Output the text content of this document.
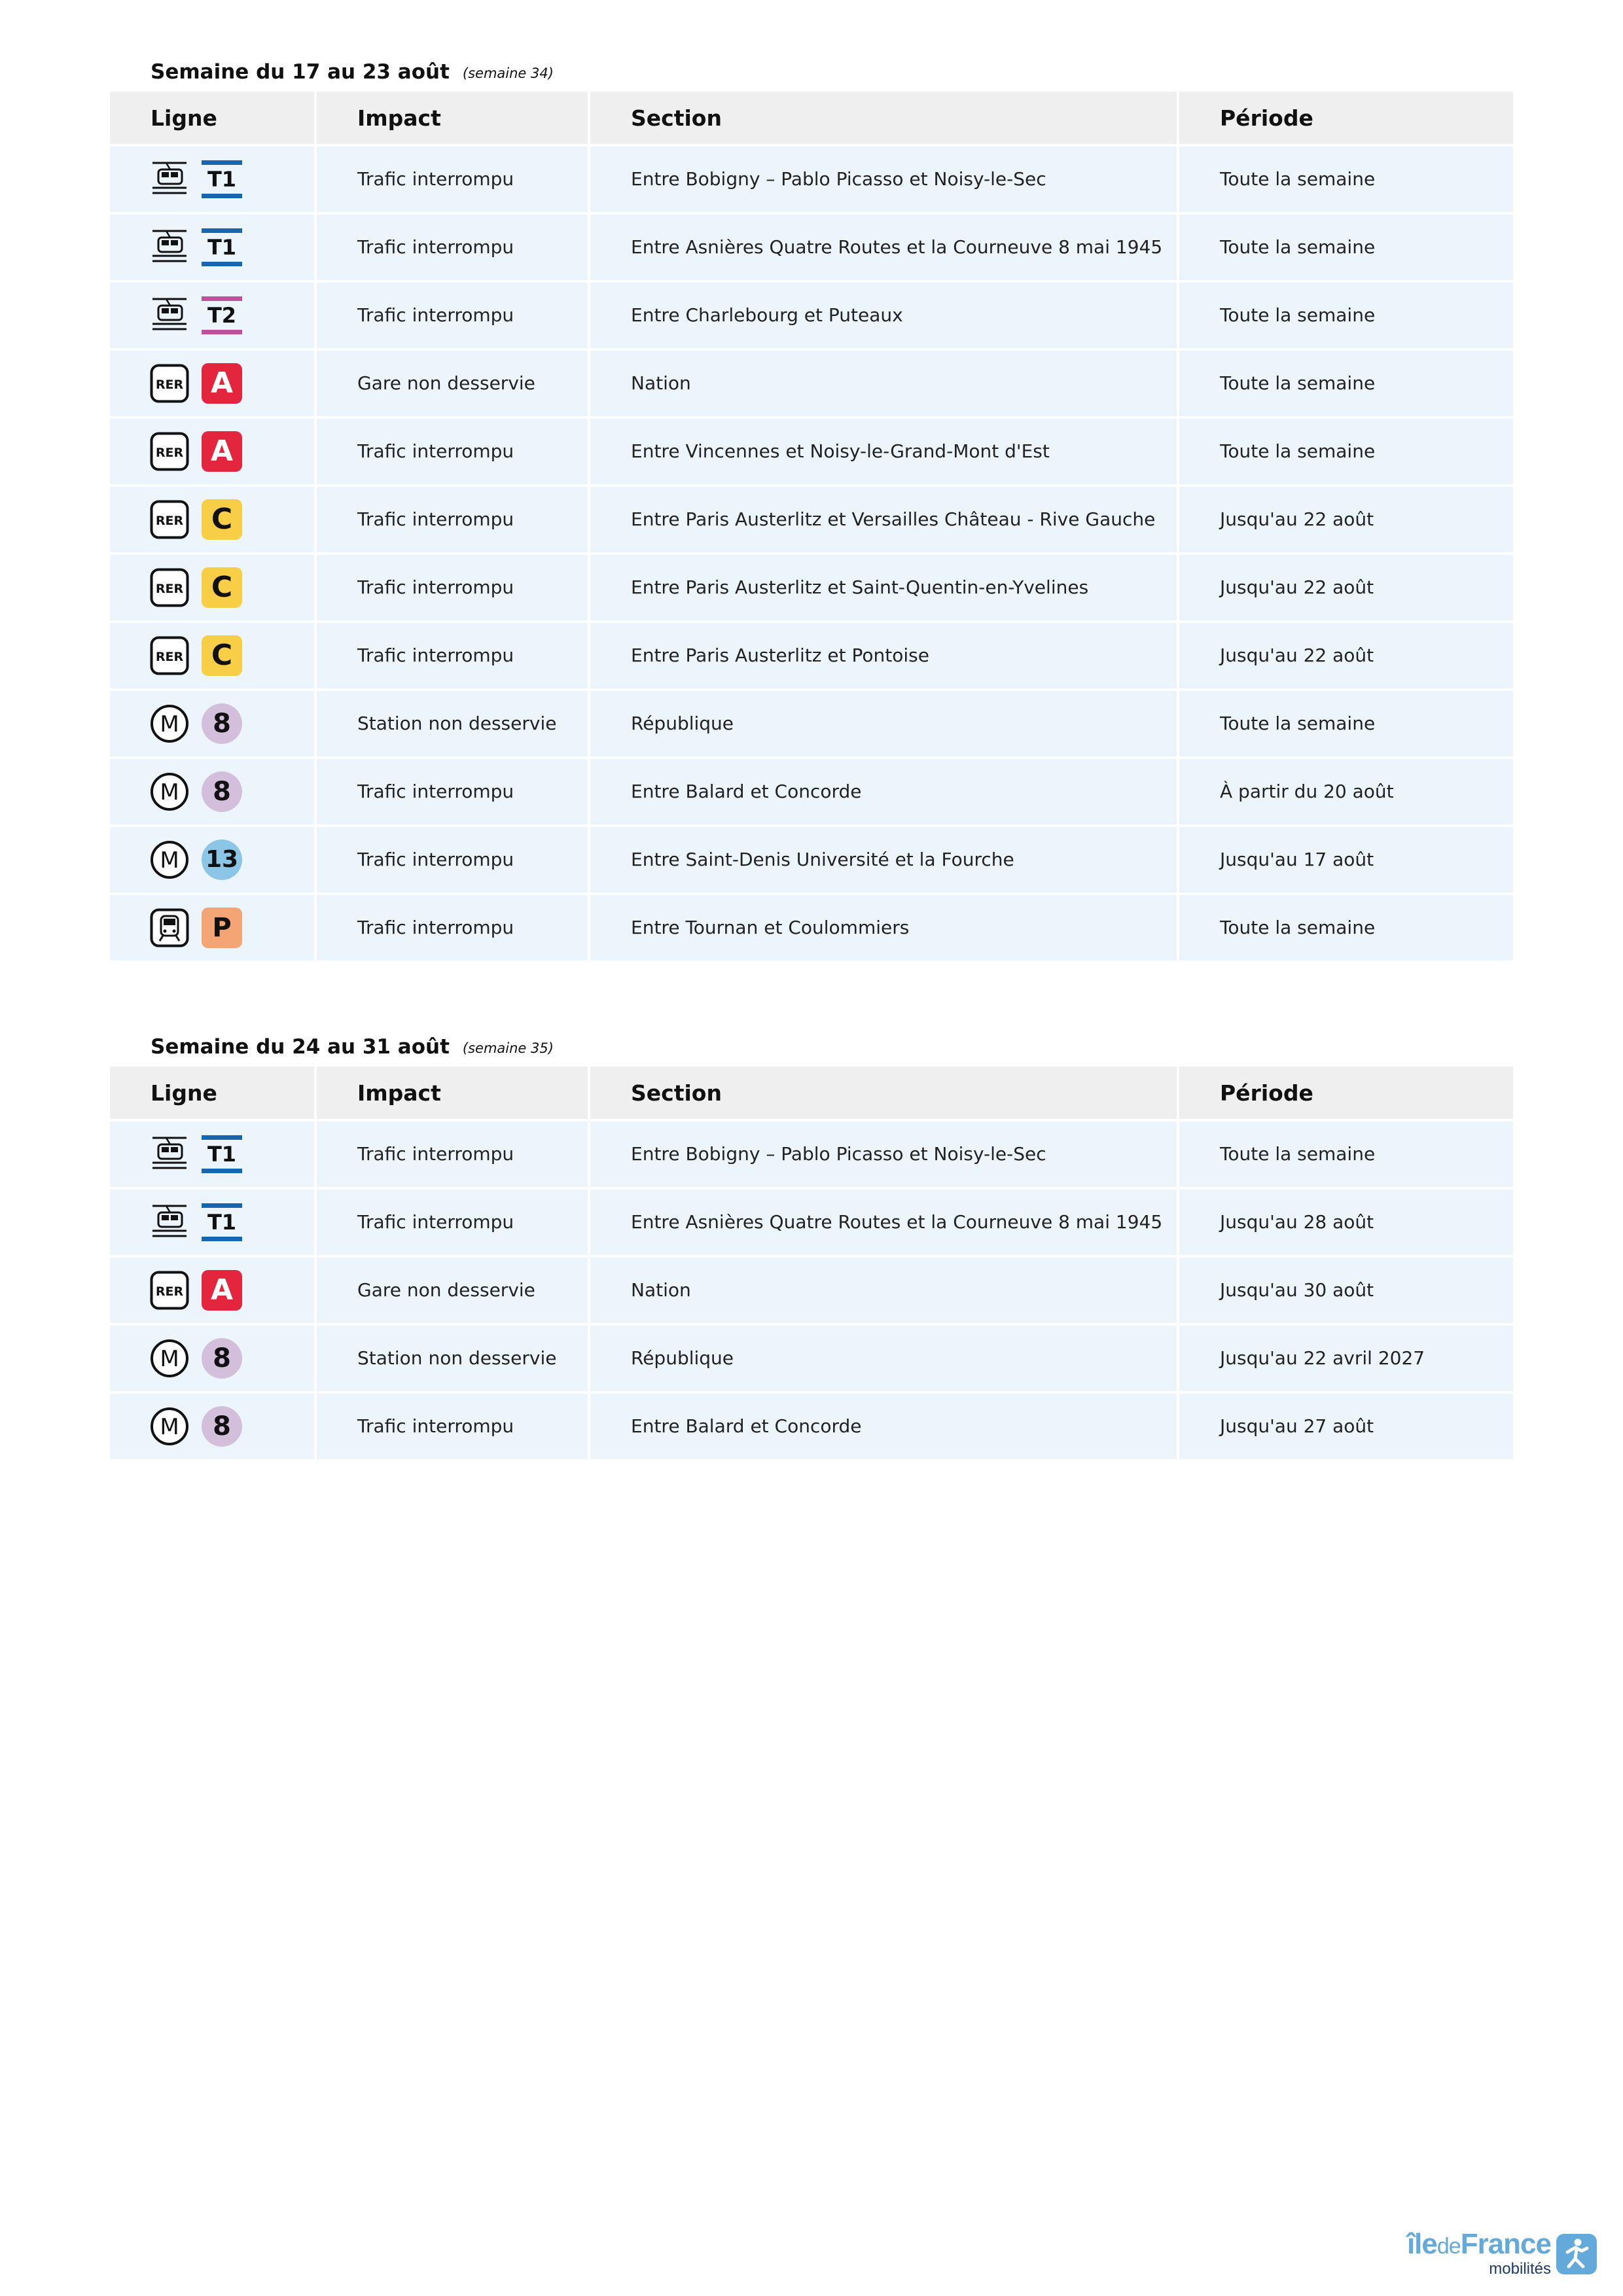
Semaine du 17 au 23 août (semaine 34)
Ligne	Impact	Section	Période

T1	Trafic interrompu	Entre Bobigny – Pablo Picasso et Noisy-le-Sec	Toute la semaine

T1	Trafic interrompu	Entre Asnières Quatre Routes et la Courneuve 8 mai 1945	Toute la semaine

T2	Trafic interrompu	Entre Charlebourg et Puteaux	Toute la semaine

RER A	Gare non desservie	Nation	Toute la semaine

RER A	Trafic interrompu	Entre Vincennes et Noisy-le-Grand-Mont d'Est	Toute la semaine

RER C	Trafic interrompu	Entre Paris Austerlitz et Versailles Château - Rive Gauche	Jusqu'au 22 août

RER C	Trafic interrompu	Entre Paris Austerlitz et Saint-Quentin-en-Yvelines	Jusqu'au 22 août

RER C	Trafic interrompu	Entre Paris Austerlitz et Pontoise	Jusqu'au 22 août

M 8	Station non desservie	République	Toute la semaine

M 8	Trafic interrompu	Entre Balard et Concorde	À partir du 20 août

M 13	Trafic interrompu	Entre Saint-Denis Université et la Fourche	Jusqu'au 17 août

P	Trafic interrompu	Entre Tournan et Coulommiers	Toute la semaine
Semaine du 24 au 31 août (semaine 35)
Ligne	Impact	Section	Période

T1	Trafic interrompu	Entre Bobigny – Pablo Picasso et Noisy-le-Sec	Toute la semaine

T1	Trafic interrompu	Entre Asnières Quatre Routes et la Courneuve 8 mai 1945	Jusqu'au 28 août

RER A	Gare non desservie	Nation	Jusqu'au 30 août

M 8	Station non desservie	République	Jusqu'au 22 avril 2027

M 8	Trafic interrompu	Entre Balard et Concorde	Jusqu'au 27 août
îledeFrance
mobilités
